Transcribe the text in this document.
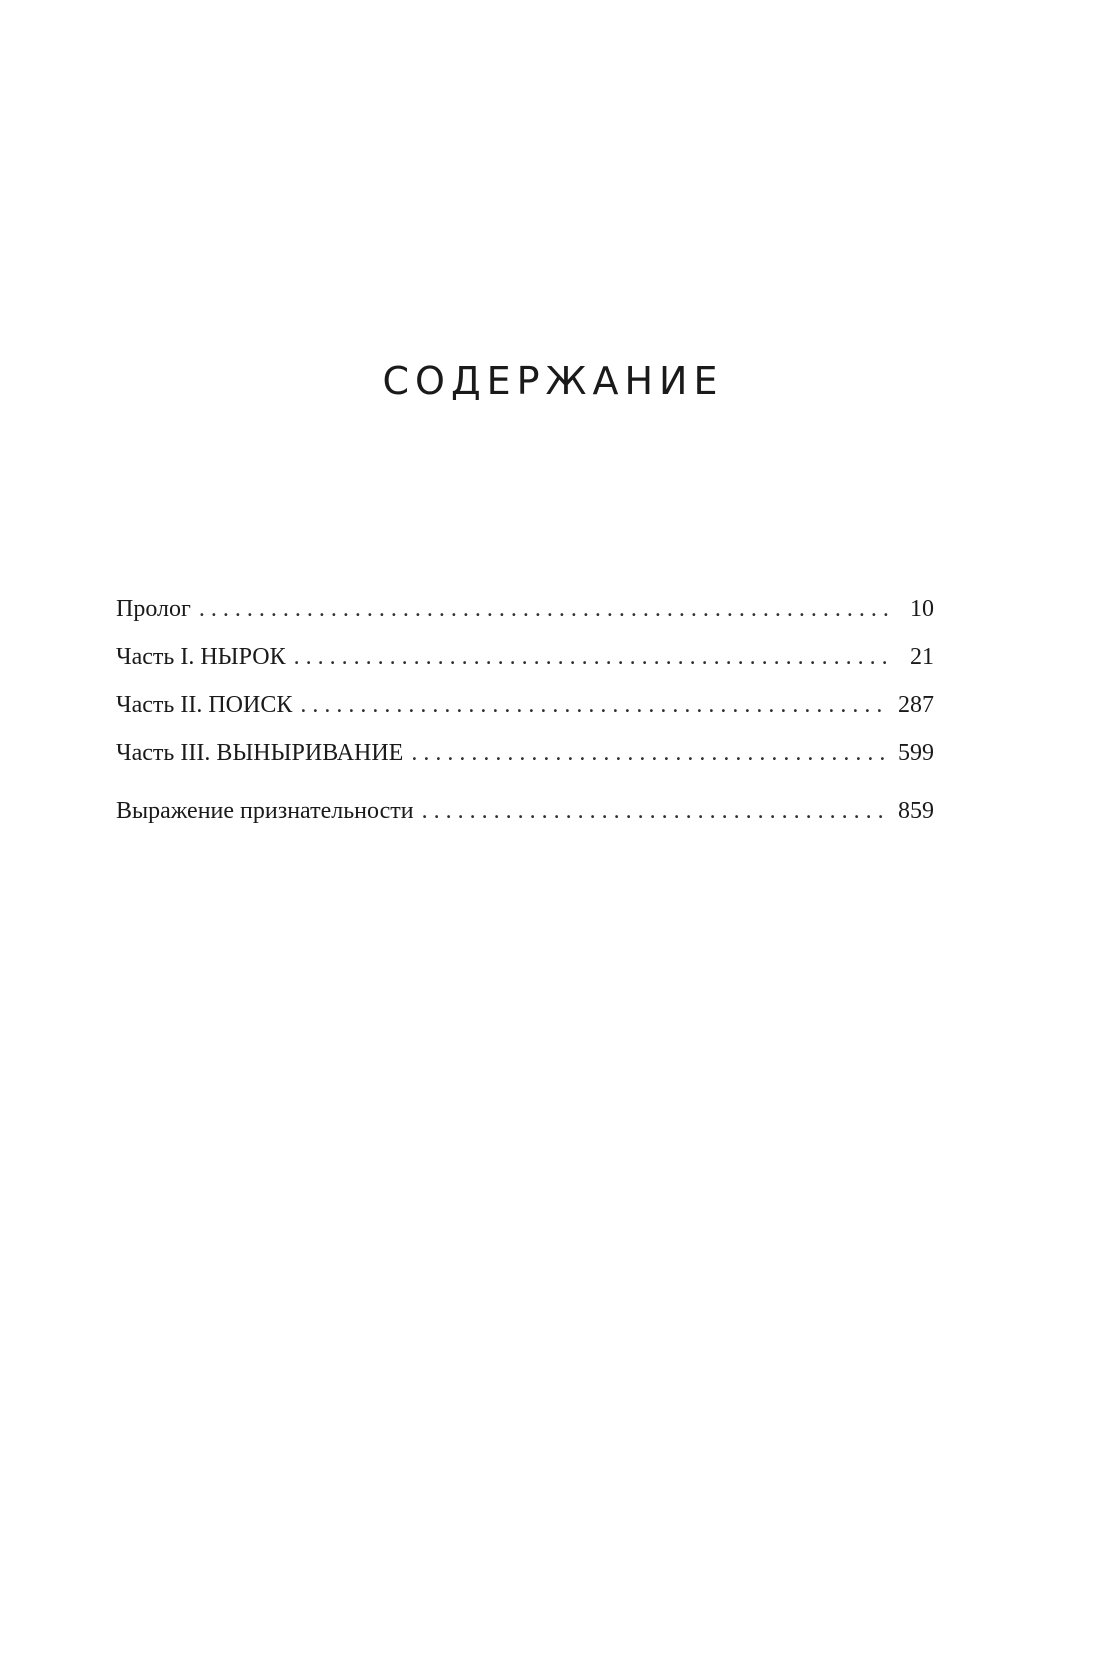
СОДЕРЖАНИЕ
Пролог . . .	10
Часть I. НЫРОК . . .	21
Часть II. ПОИСК . . .	287
Часть III. ВЫНЫРИВАНИЕ . . .	599
Выражение признательности . . .	859
